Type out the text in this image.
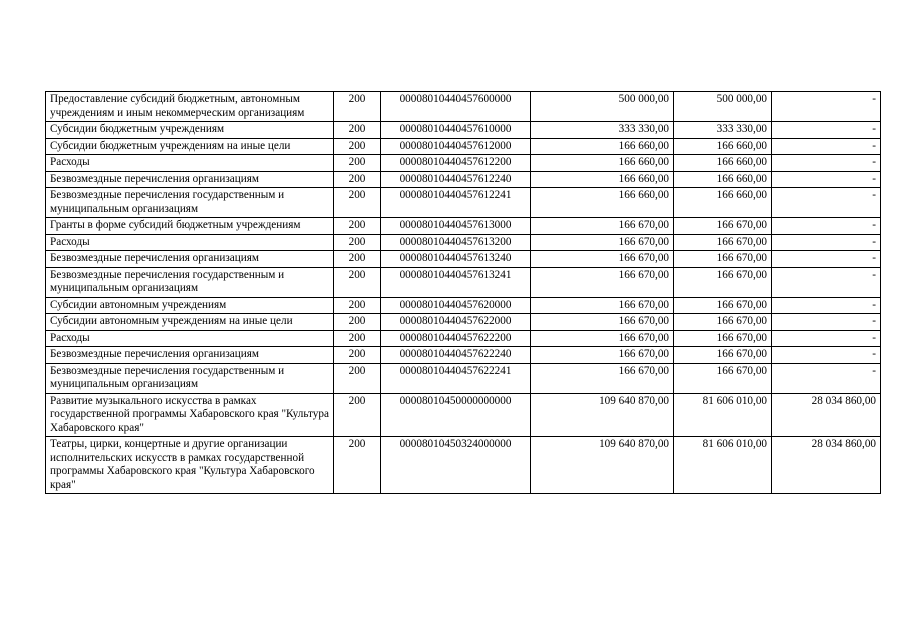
Предоставление субсидий бюджетным, автономным учреждениям и иным некоммерческим организациям	200	00008010440457600000	500 000,00	500 000,00	-
Субсидии бюджетным учреждениям	200	00008010440457610000	333 330,00	333 330,00	-
Субсидии бюджетным учреждениям на иные цели	200	00008010440457612000	166 660,00	166 660,00	-
Расходы	200	00008010440457612200	166 660,00	166 660,00	-
Безвозмездные перечисления организациям	200	00008010440457612240	166 660,00	166 660,00	-
Безвозмездные перечисления государственным и муниципальным организациям	200	00008010440457612241	166 660,00	166 660,00	-
Гранты в форме субсидий бюджетным учреждениям	200	00008010440457613000	166 670,00	166 670,00	-
Расходы	200	00008010440457613200	166 670,00	166 670,00	-
Безвозмездные перечисления организациям	200	00008010440457613240	166 670,00	166 670,00	-
Безвозмездные перечисления государственным и муниципальным организациям	200	00008010440457613241	166 670,00	166 670,00	-
Субсидии автономным учреждениям	200	00008010440457620000	166 670,00	166 670,00	-
Субсидии автономным учреждениям на иные цели	200	00008010440457622000	166 670,00	166 670,00	-
Расходы	200	00008010440457622200	166 670,00	166 670,00	-
Безвозмездные перечисления организациям	200	00008010440457622240	166 670,00	166 670,00	-
Безвозмездные перечисления государственным и муниципальным организациям	200	00008010440457622241	166 670,00	166 670,00	-
Развитие музыкального искусства в рамках государственной программы Хабаровского края "Культура Хабаровского края"	200	00008010450000000000	109 640 870,00	81 606 010,00	28 034 860,00
Театры, цирки, концертные и другие организации исполнительских искусств в рамках государственной программы Хабаровского края "Культура Хабаровского края"	200	00008010450324000000	109 640 870,00	81 606 010,00	28 034 860,00
